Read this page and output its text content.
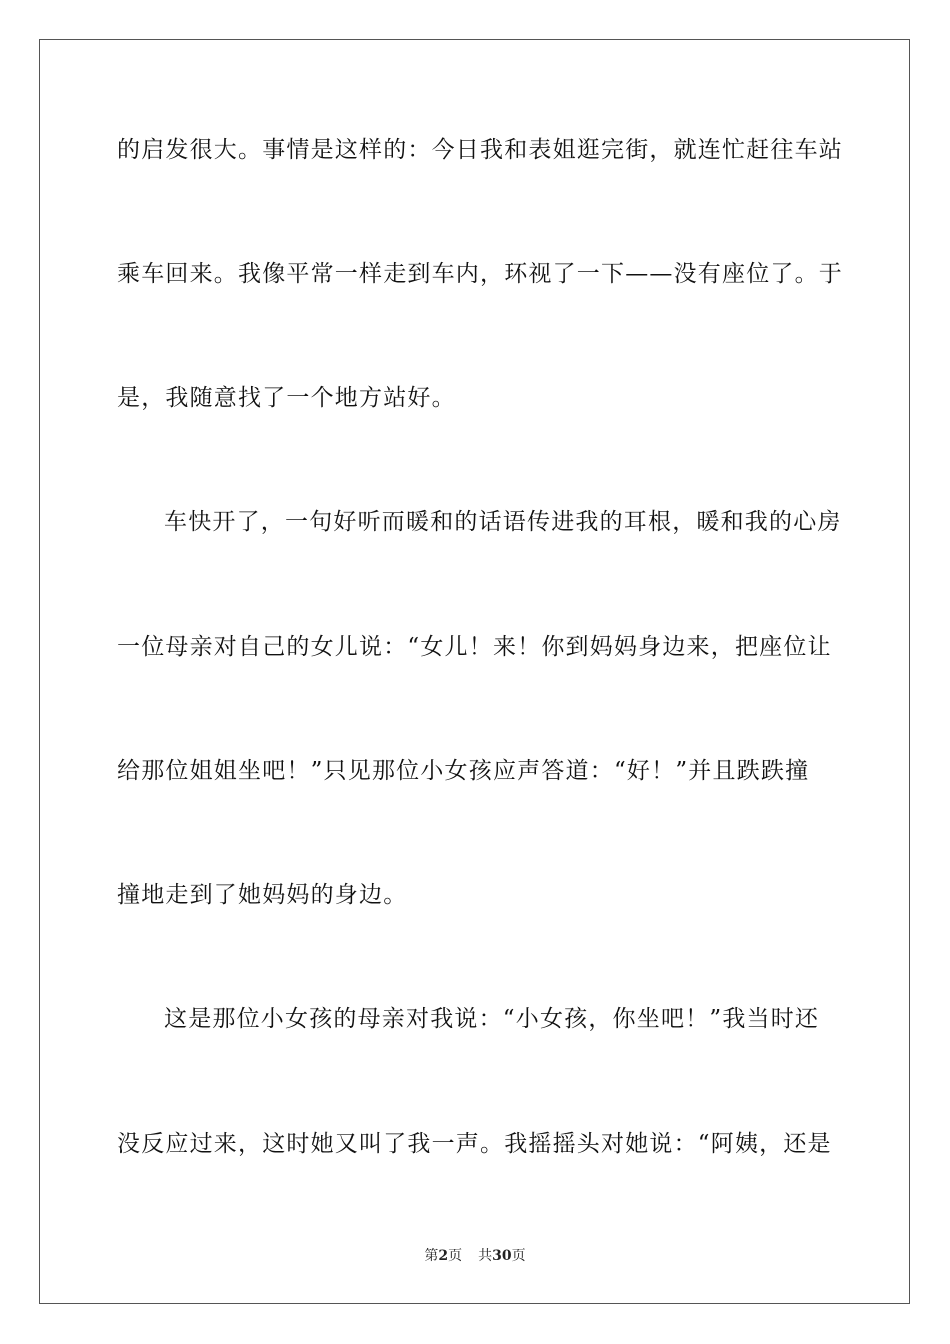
的启发很大。事情是这样的：今日我和表姐逛完街，就连忙赶往车站

乘车回来。我像平常一样走到车内，环视了一下——没有座位了。于

是，我随意找了一个地方站好。

车快开了，一句好听而暖和的话语传进我的耳根，暖和我的心房

一位母亲对自己的女儿说：“女儿！来！你到妈妈身边来，把座位让

给那位姐姐坐吧！”只见那位小女孩应声答道：“好！”并且跌跌撞

撞地走到了她妈妈的身边。

这是那位小女孩的母亲对我说：“小女孩，你坐吧！”我当时还

没反应过来，这时她又叫了我一声。我摇摇头对她说：“阿姨，还是

第2页 共30页
